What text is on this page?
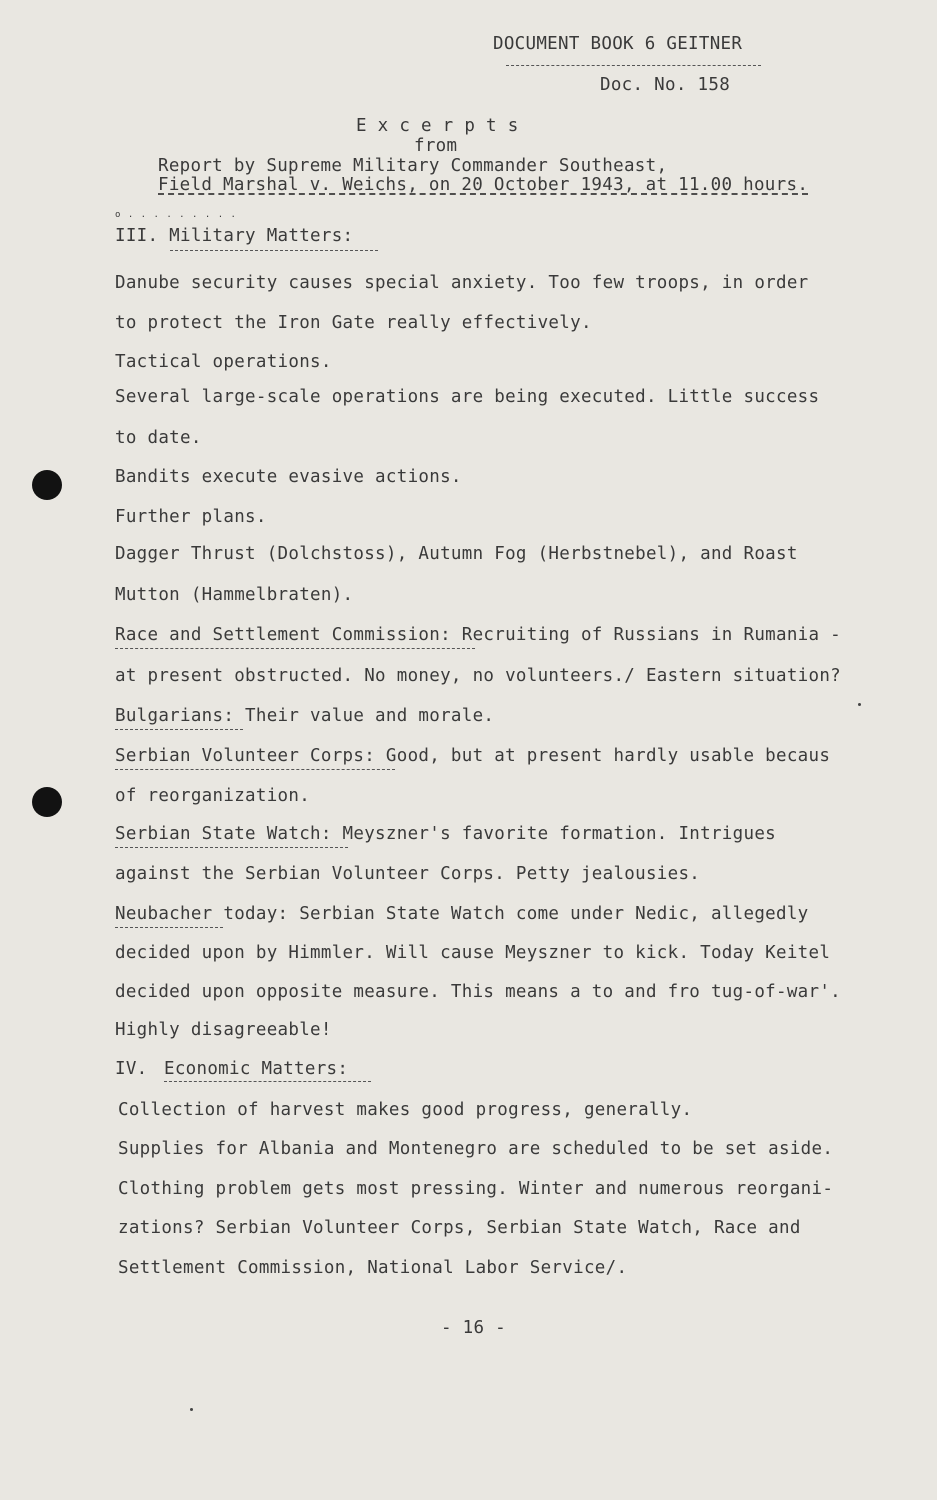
DOCUMENT BOOK 6 GEITNER
Doc. No. 158
E x c e r p t s
from
Report by Supreme Military Commander Southeast,
Field Marshal v. Weichs, on 20 October 1943, at 11.00 hours.
o . . . . . . . . .
III. Military Matters:
Danube security causes special anxiety. Too few troops, in order
to protect the Iron Gate really effectively.
Tactical operations.
Several large-scale operations are being executed. Little success
to date.
Bandits execute evasive actions.
Further plans.
Dagger Thrust (Dolchstoss), Autumn Fog (Herbstnebel), and Roast
Mutton (Hammelbraten).
Race and Settlement Commission: Recruiting of Russians in Rumania -
at present obstructed. No money, no volunteers./ Eastern situation?
Bulgarians: Their value and morale.
Serbian Volunteer Corps: Good, but at present hardly usable becaus
of reorganization.
Serbian State Watch: Meyszner's favorite formation. Intrigues
against the Serbian Volunteer Corps. Petty jealousies.
Neubacher today: Serbian State Watch come under Nedic, allegedly
decided upon by Himmler. Will cause Meyszner to kick. Today Keitel
decided upon opposite measure. This means a to and fro tug-of-war'.
Highly disagreeable!
IV. Economic Matters:
Collection of harvest makes good progress, generally.
Supplies for Albania and Montenegro are scheduled to be set aside.
Clothing problem gets most pressing. Winter and numerous reorgani-
zations? Serbian Volunteer Corps, Serbian State Watch, Race and
Settlement Commission, National Labor Service/.
- 16 -
